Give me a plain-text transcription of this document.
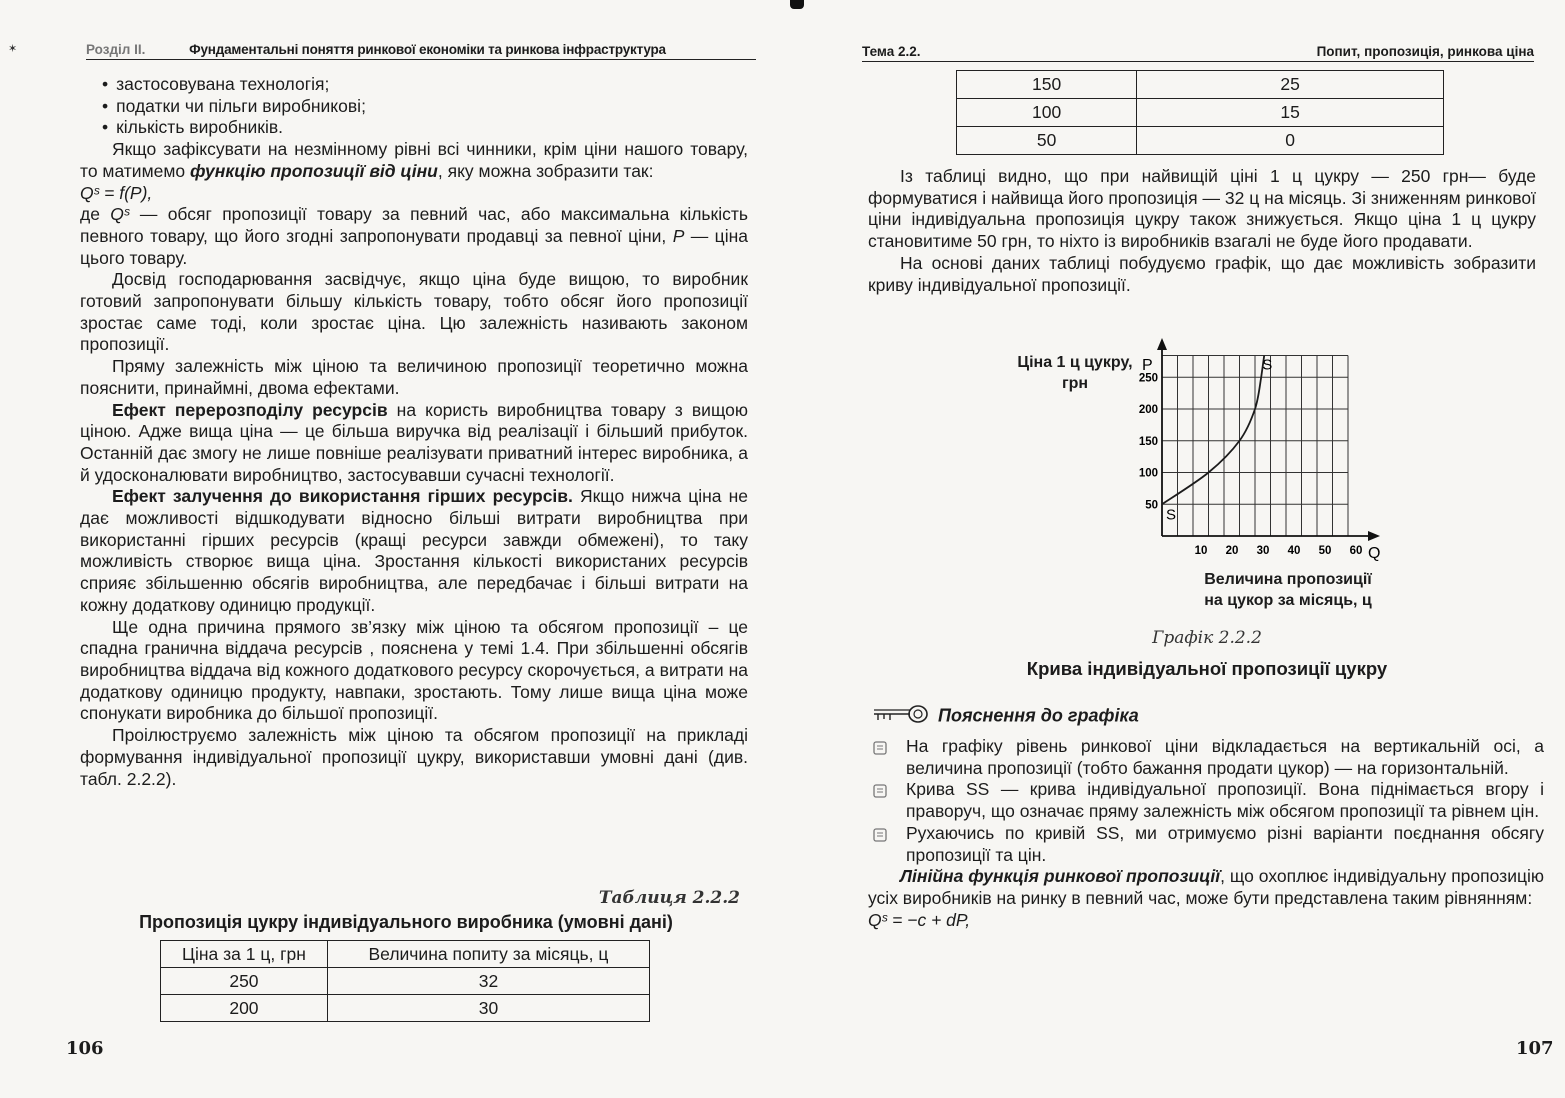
✶	Розділ II.	Фундаментальні поняття ринкової економіки та ринкова інфраструктура

• застосовувана технологія;

• податки чи пільги виробникові;

• кількість виробників.

Якщо зафіксувати на незмінному рівні всі чинники, крім ціни нашого товару, то матимемо функцію пропозиції від ціни, яку можна зобразити так:

Qˢ = f(P),

де Qˢ — обсяг пропозиції товару за певний час, або максимальна кількість певного товару, що його згодні запропонувати продавці за певної ціни, P — ціна цього товару.

Досвід господарювання засвідчує, якщо ціна буде вищою, то виробник готовий запропонувати більшу кількість товару, тобто обсяг його пропозиції зростає саме тоді, коли зростає ціна. Цю залежність називають законом пропозиції.

Пряму залежність між ціною та величиною пропозиції теоретично можна пояснити, принаймні, двома ефектами.

Ефект перерозподілу ресурсів на користь виробництва товару з вищою ціною. Адже вища ціна — це більша виручка від реалізації і більший прибуток. Останній дає змогу не лише повніше реалізувати приватний інтерес виробника, а й удосконалювати виробництво, застосувавши сучасні технології.

Ефект залучення до використання гірших ресурсів. Якщо нижча ціна не дає можливості відшкодувати відносно більші витрати виробництва при використанні гірших ресурсів (кращі ресурси завжди обмежені), то таку можливість створює вища ціна. Зростання кількості використаних ресурсів сприяє збільшенню обсягів виробництва, але передбачає і більші витрати на кожну додаткову одиницю продукції.

Ще одна причина прямого зв’язку між ціною та обсягом пропозиції – це спадна гранична віддача ресурсів , пояснена у темі 1.4. При збільшенні обсягів виробництва віддача від кожного додаткового ресурсу скорочується, а витрати на додаткову одиницю продукту, навпаки, зростають. Тому лише вища ціна може спонукати виробника до більшої пропозиції.

Проілюструємо залежність між ціною та обсягом пропозиції на прикладі формування індивідуальної пропозиції цукру, використавши умовні дані (див. табл. 2.2.2).

Таблиця 2.2.2
Пропозиція цукру індивідуального виробника (умовні дані)
Ціна за 1 ц, грн	Величина попиту за місяць, ц
250	32
200	30
106
Тема 2.2.	Попит, пропозиція, ринкова ціна
150	25
100	15
50	0

Із таблиці видно, що при найвищій ціні 1 ц цукру — 250 грн— буде формуватися і найвища його пропозиція — 32 ц на місяць. Зі зниженням ринкової ціни індивідуальна пропозиція цукру також знижується. Якщо ціна 1 ц цукру становитиме 50 грн, то ніхто із виробників взагалі не буде його продавати.

На основі даних таблиці побудуємо графік, що дає можливість зобразити криву індивідуальної пропозиції.

Ціна 1 ц цукру,
грн
P
Q
50
100
150
200
250
10 20 30 40 50 60
S
S
Величина пропозиції
на цукор за місяць, ц
Графік 2.2.2
Крива індивідуальної пропозиції цукру
Пояснення до графіка

На графіку рівень ринкової ціни відкладається на вертикальній осі, а величина пропозиції (тобто бажання продати цукор) — на горизонтальній.

Крива SS — крива індивідуальної пропозиції. Вона піднімається вгору і праворуч, що означає пряму залежність між обсягом пропозиції та рівнем цін.

Рухаючись по кривій SS, ми отримуємо різні варіанти поєднання обсягу пропозиції та цін.

Лінійна функція ринкової пропозиції, що охоплює індивідуальну пропозицію усіх виробників на ринку в певний час, може бути представлена таким рівнянням:

Qˢ = −c + dP,

107
